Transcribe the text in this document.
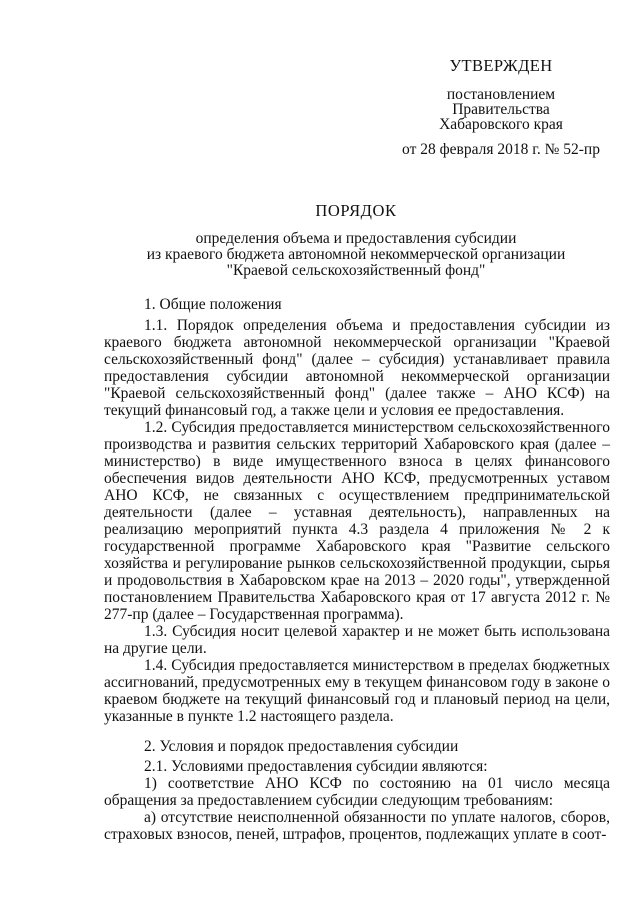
УТВЕРЖДЕН
постановлением
Правительства
Хабаровского края
от 28 февраля 2018 г. № 52-пр
ПОРЯДОК
определения объема и предоставления субсидии
из краевого бюджета автономной некоммерческой организации
"Краевой сельскохозяйственный фонд"

1. Общие положения

1.1. Порядок определения объема и предоставления субсидии из краевого бюджета автономной некоммерческой организации "Краевой сельскохозяйственный фонд" (далее – субсидия) устанавливает правила предоставления субсидии автономной некоммерческой организации "Краевой сельскохозяйственный фонд" (далее также – АНО КСФ) на текущий финансовый год, а также цели и условия ее предоставления.

1.2. Субсидия предоставляется министерством сельскохозяйственного производства и развития сельских территорий Хабаровского края (далее – министерство) в виде имущественного взноса в целях финансового обеспечения видов деятельности АНО КСФ, предусмотренных уставом АНО КСФ, не связанных с осуществлением предпринимательской деятельности (далее – уставная деятельность), направленных на реализацию мероприятий пункта 4.3 раздела 4 приложения № 2 к государственной программе Хабаровского края "Развитие сельского хозяйства и регулирование рынков сельскохозяйственной продукции, сырья и продовольствия в Хабаровском крае на 2013 – 2020 годы", утвержденной постановлением Правительства Хабаровского края от 17 августа 2012 г. № 277-пр (далее – Государственная программа).

1.3. Субсидия носит целевой характер и не может быть использована на другие цели.

1.4. Субсидия предоставляется министерством в пределах бюджетных ассигнований, предусмотренных ему в текущем финансовом году в законе о краевом бюджете на текущий финансовый год и плановый период на цели, указанные в пункте 1.2 настоящего раздела.

2. Условия и порядок предоставления субсидии

2.1. Условиями предоставления субсидии являются:

1) соответствие АНО КСФ по состоянию на 01 число месяца обращения за предоставлением субсидии следующим требованиям:

а) отсутствие неисполненной обязанности по уплате налогов, сборов, страховых взносов, пеней, штрафов, процентов, подлежащих уплате в соот-
